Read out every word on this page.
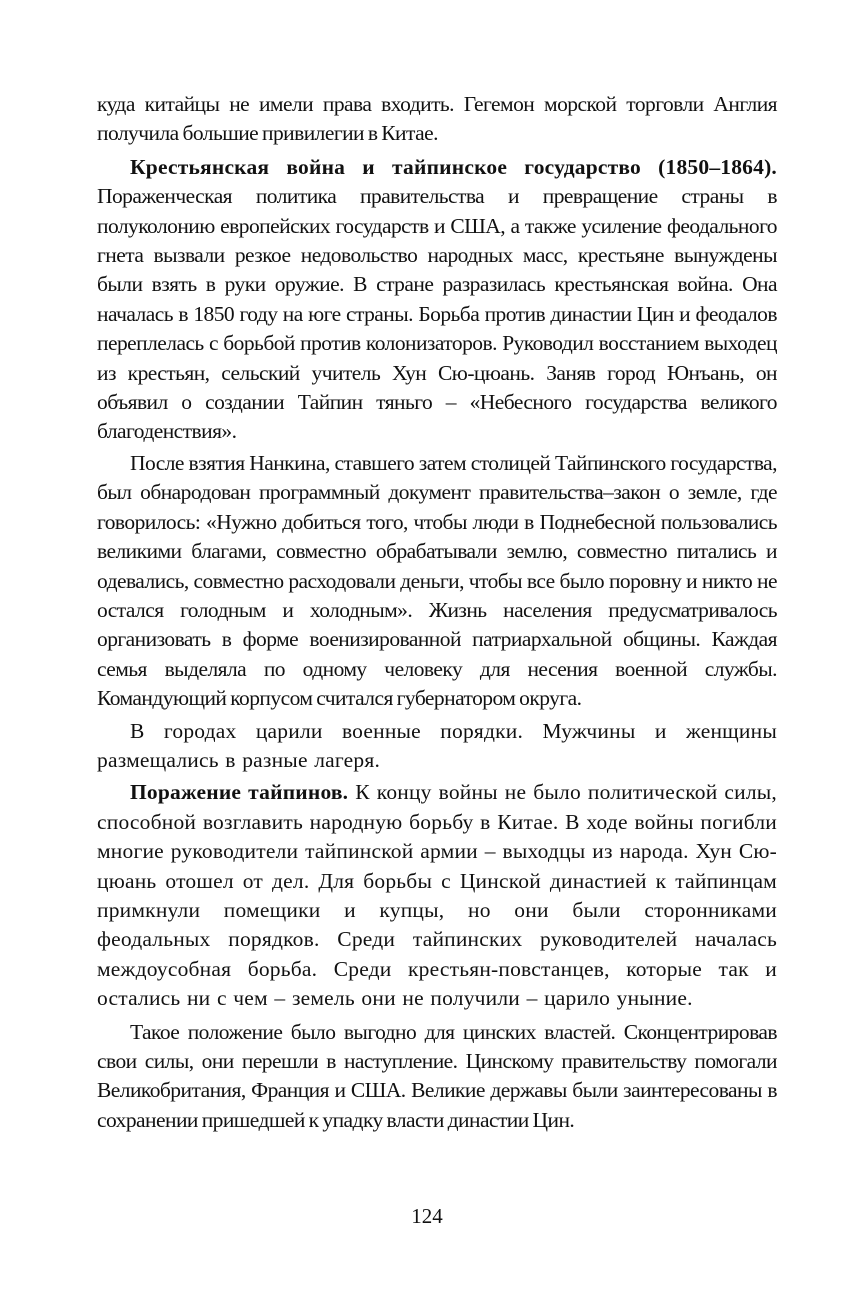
куда китайцы не имели права входить. Гегемон морской торговли Англия получила большие привилегии в Китае.

Крестьянская война и тайпинское государство (1850–1864). Пораженческая политика правительства и превращение страны в полуколонию европейских государств и США, а также усиление феодального гнета вызвали резкое недовольство народных масс, крестьяне вынуждены были взять в руки оружие. В стране разразилась крестьянская война. Она началась в 1850 году на юге страны. Борьба против династии Цин и феодалов переплелась с борьбой против колонизаторов. Руководил восстанием выходец из крестьян, сельский учитель Хун Сю-цюань. Заняв город Юнъань, он объявил о создании Тайпин тяньго – «Небесного государства великого благоденствия».

После взятия Нанкина, ставшего затем столицей Тайпинского государства, был обнародован программный документ правительства–закон о земле, где говорилось: «Нужно добиться того, чтобы люди в Поднебесной пользовались великими благами, совместно обрабатывали землю, совместно питались и одевались, совместно расходовали деньги, чтобы все было поровну и никто не остался голодным и холодным». Жизнь населения предусматривалось организовать в форме военизированной патриархальной общины. Каждая семья выделяла по одному человеку для несения военной службы. Командующий корпусом считался губернатором округа.

В городах царили военные порядки. Мужчины и женщины размещались в разные лагеря.

Поражение тайпинов. К концу войны не было политической силы, способной возглавить народную борьбу в Китае. В ходе войны погибли многие руководители тайпинской армии – выходцы из народа. Хун Сю-цюань отошел от дел. Для борьбы с Цинской династией к тайпинцам примкнули помещики и купцы, но они были сторонниками феодальных порядков. Среди тайпинских руководителей началась междоусобная борьба. Среди крестьян-повстанцев, которые так и остались ни с чем – земель они не получили – царило уныние.

Такое положение было выгодно для цинских властей. Сконцентрировав свои силы, они перешли в наступление. Цинскому правительству помогали Великобритания, Франция и США. Великие державы были заинтересованы в сохранении пришедшей к упадку власти династии Цин.

124
